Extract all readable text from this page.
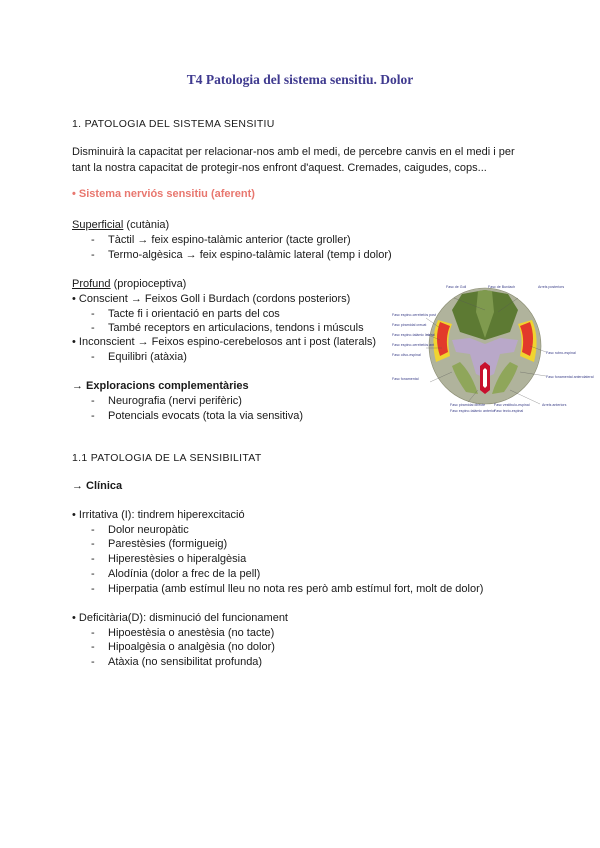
T4 Patologia del sistema sensitiu. Dolor
1. PATOLOGIA DEL SISTEMA SENSITIU
Disminuirà la capacitat per relacionar-nos amb el medi, de percebre canvis en el medi i per
tant la nostra capacitat de protegir-nos enfront d'aquest. Cremades, caigudes, cops...
• Sistema nerviós sensitiu (aferent)
Superficial (cutània)
- Tàctil → feix espino-talàmic anterior (tacte groller)
- Termo-algèsica → feix espino-talàmic lateral (temp i dolor)
Profund (propioceptiva)
• Conscient → Feixos Goll i Burdach (cordons posteriors)
- Tacte fi i orientació en parts del cos
- També receptors en articulacions, tendons i músculs
• Inconscient → Feixos espino-cerebelosos ant i post (laterals)
- Equilibri (atàxia)
→ Exploracions complementàries
- Neurografia (nervi perifèric)
- Potencials evocats (tota la via sensitiva)
Fasc de Goll	Fasc de Burdach	Arrels posteriors
Fasc espino-cerebelós post
Fasc piramidal creuat
Fasc espino-talàmic lateral
Fasc espino-cerebelós ant
Fasc olivo-espinal
Fasc fonamental
Fasc rubro-espinal
Fasc fonamental anterolateral
Arrels anteriors
Fasc piramidal directe Fasc vestibulo-espinal
Fasc espino-talàmic anterior
Fasc tecto-espinal
1.1 PATOLOGIA DE LA SENSIBILITAT
→ Clínica
• Irritativa (I): tindrem hiperexcitació
- Dolor neuropàtic
- Parestèsies (formigueig)
- Hiperestèsies o hiperalgèsia
- Alodínia (dolor a frec de la pell)
- Hiperpatia (amb estímul lleu no nota res però amb estímul fort, molt de dolor)
• Deficitària(D): disminució del funcionament
- Hipoestèsia o anestèsia (no tacte)
- Hipoalgèsia o analgèsia (no dolor)
- Atàxia (no sensibilitat profunda)
